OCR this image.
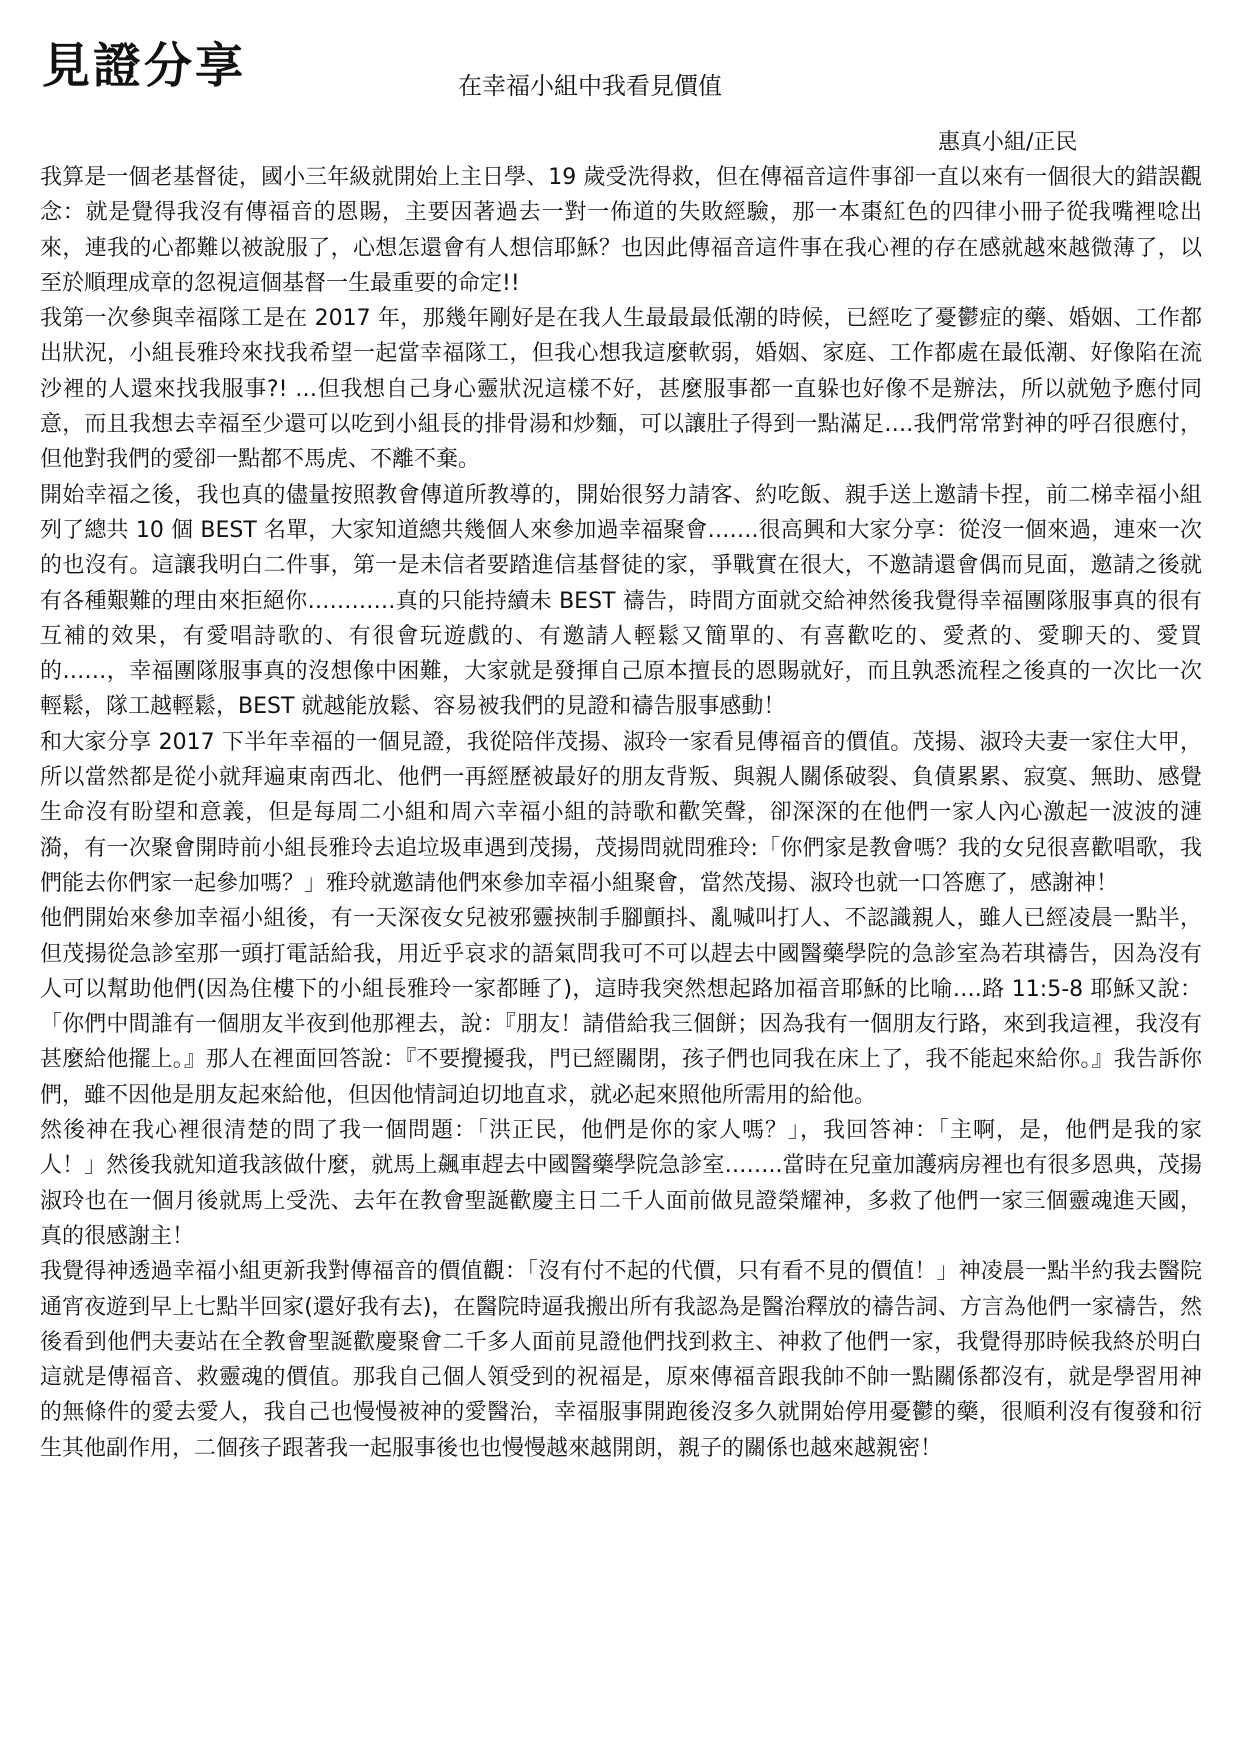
見證分享	在幸福小組中我看見價值
惠真小組/正民

我算是一個老基督徒，國小三年級就開始上主日學、19 歲受洗得救，但在傳福音這件事卻一直以來有一個很大的錯誤觀念：就是覺得我沒有傳福音的恩賜，主要因著過去一對一佈道的失敗經驗，那一本棗紅色的四律小冊子從我嘴裡唸出來，連我的心都難以被說服了，心想怎還會有人想信耶穌？也因此傳福音這件事在我心裡的存在感就越來越微薄了，以至於順理成章的忽視這個基督一生最重要的命定!!

我第一次參與幸福隊工是在 2017 年，那幾年剛好是在我人生最最最低潮的時候，已經吃了憂鬱症的藥、婚姻、工作都出狀況，小組長雅玲來找我希望一起當幸福隊工，但我心想我這麼軟弱，婚姻、家庭、工作都處在最低潮、好像陷在流沙裡的人還來找我服事?! …但我想自己身心靈狀況這樣不好，甚麼服事都一直躲也好像不是辦法，所以就勉予應付同意，而且我想去幸福至少還可以吃到小組長的排骨湯和炒麵，可以讓肚子得到一點滿足….我們常常對神的呼召很應付，但他對我們的愛卻一點都不馬虎、不離不棄。

開始幸福之後，我也真的儘量按照教會傳道所教導的，開始很努力請客、約吃飯、親手送上邀請卡捏，前二梯幸福小組列了總共 10 個 BEST 名單，大家知道總共幾個人來參加過幸福聚會…….很高興和大家分享：從沒一個來過，連來一次的也沒有。這讓我明白二件事，第一是未信者要踏進信基督徒的家，爭戰實在很大，不邀請還會偶而見面，邀請之後就有各種艱難的理由來拒絕你…………真的只能持續未 BEST 禱告，時間方面就交給神然後我覺得幸福團隊服事真的很有互補的效果，有愛唱詩歌的、有很會玩遊戲的、有邀請人輕鬆又簡單的、有喜歡吃的、愛煮的、愛聊天的、愛買的……，幸福團隊服事真的沒想像中困難，大家就是發揮自己原本擅長的恩賜就好，而且孰悉流程之後真的一次比一次輕鬆，隊工越輕鬆，BEST 就越能放鬆、容易被我們的見證和禱告服事感動！

和大家分享 2017 下半年幸福的一個見證，我從陪伴茂揚、淑玲一家看見傳福音的價值。茂揚、淑玲夫妻一家住大甲，所以當然都是從小就拜遍東南西北、他們一再經歷被最好的朋友背叛、與親人關係破裂、負債累累、寂寞、無助、感覺生命沒有盼望和意義，但是每周二小組和周六幸福小組的詩歌和歡笑聲，卻深深的在他們一家人內心激起一波波的漣漪，有一次聚會開時前小組長雅玲去追垃圾車遇到茂揚，茂揚問就問雅玲:「你們家是教會嗎？我的女兒很喜歡唱歌，我們能去你們家一起參加嗎？」雅玲就邀請他們來參加幸福小組聚會，當然茂揚、淑玲也就一口答應了，感謝神！

他們開始來參加幸福小組後，有一天深夜女兒被邪靈挾制手腳顫抖、亂喊叫打人、不認識親人，雖人已經凌晨一點半，但茂揚從急診室那一頭打電話給我，用近乎哀求的語氣問我可不可以趕去中國醫藥學院的急診室為若琪禱告，因為沒有人可以幫助他們(因為住樓下的小組長雅玲一家都睡了)，這時我突然想起路加福音耶穌的比喻….路 11:5-8 耶穌又說：「你們中間誰有一個朋友半夜到他那裡去，說：『朋友！請借給我三個餅；因為我有一個朋友行路，來到我這裡，我沒有甚麼給他擺上。』那人在裡面回答說：『不要攪擾我，門已經關閉，孩子們也同我在床上了，我不能起來給你。』我告訴你們，雖不因他是朋友起來給他，但因他情詞迫切地直求，就必起來照他所需用的給他。

然後神在我心裡很清楚的問了我一個問題：「洪正民，他們是你的家人嗎？」，我回答神：「主啊，是，他們是我的家人！」然後我就知道我該做什麼，就馬上飆車趕去中國醫藥學院急診室……..當時在兒童加護病房裡也有很多恩典，茂揚淑玲也在一個月後就馬上受洗、去年在教會聖誕歡慶主日二千人面前做見證榮耀神，多救了他們一家三個靈魂進天國，真的很感謝主！

我覺得神透過幸福小組更新我對傳福音的價值觀：「沒有付不起的代價，只有看不見的價值！」神凌晨一點半約我去醫院通宵夜遊到早上七點半回家(還好我有去)，在醫院時逼我搬出所有我認為是醫治釋放的禱告詞、方言為他們一家禱告，然後看到他們夫妻站在全教會聖誕歡慶聚會二千多人面前見證他們找到救主、神救了他們一家，我覺得那時候我終於明白這就是傳福音、救靈魂的價值。那我自己個人領受到的祝福是，原來傳福音跟我帥不帥一點關係都沒有，就是學習用神的無條件的愛去愛人，我自己也慢慢被神的愛醫治，幸福服事開跑後沒多久就開始停用憂鬱的藥，很順利沒有復發和衍生其他副作用，二個孩子跟著我一起服事後也也慢慢越來越開朗，親子的關係也越來越親密！
